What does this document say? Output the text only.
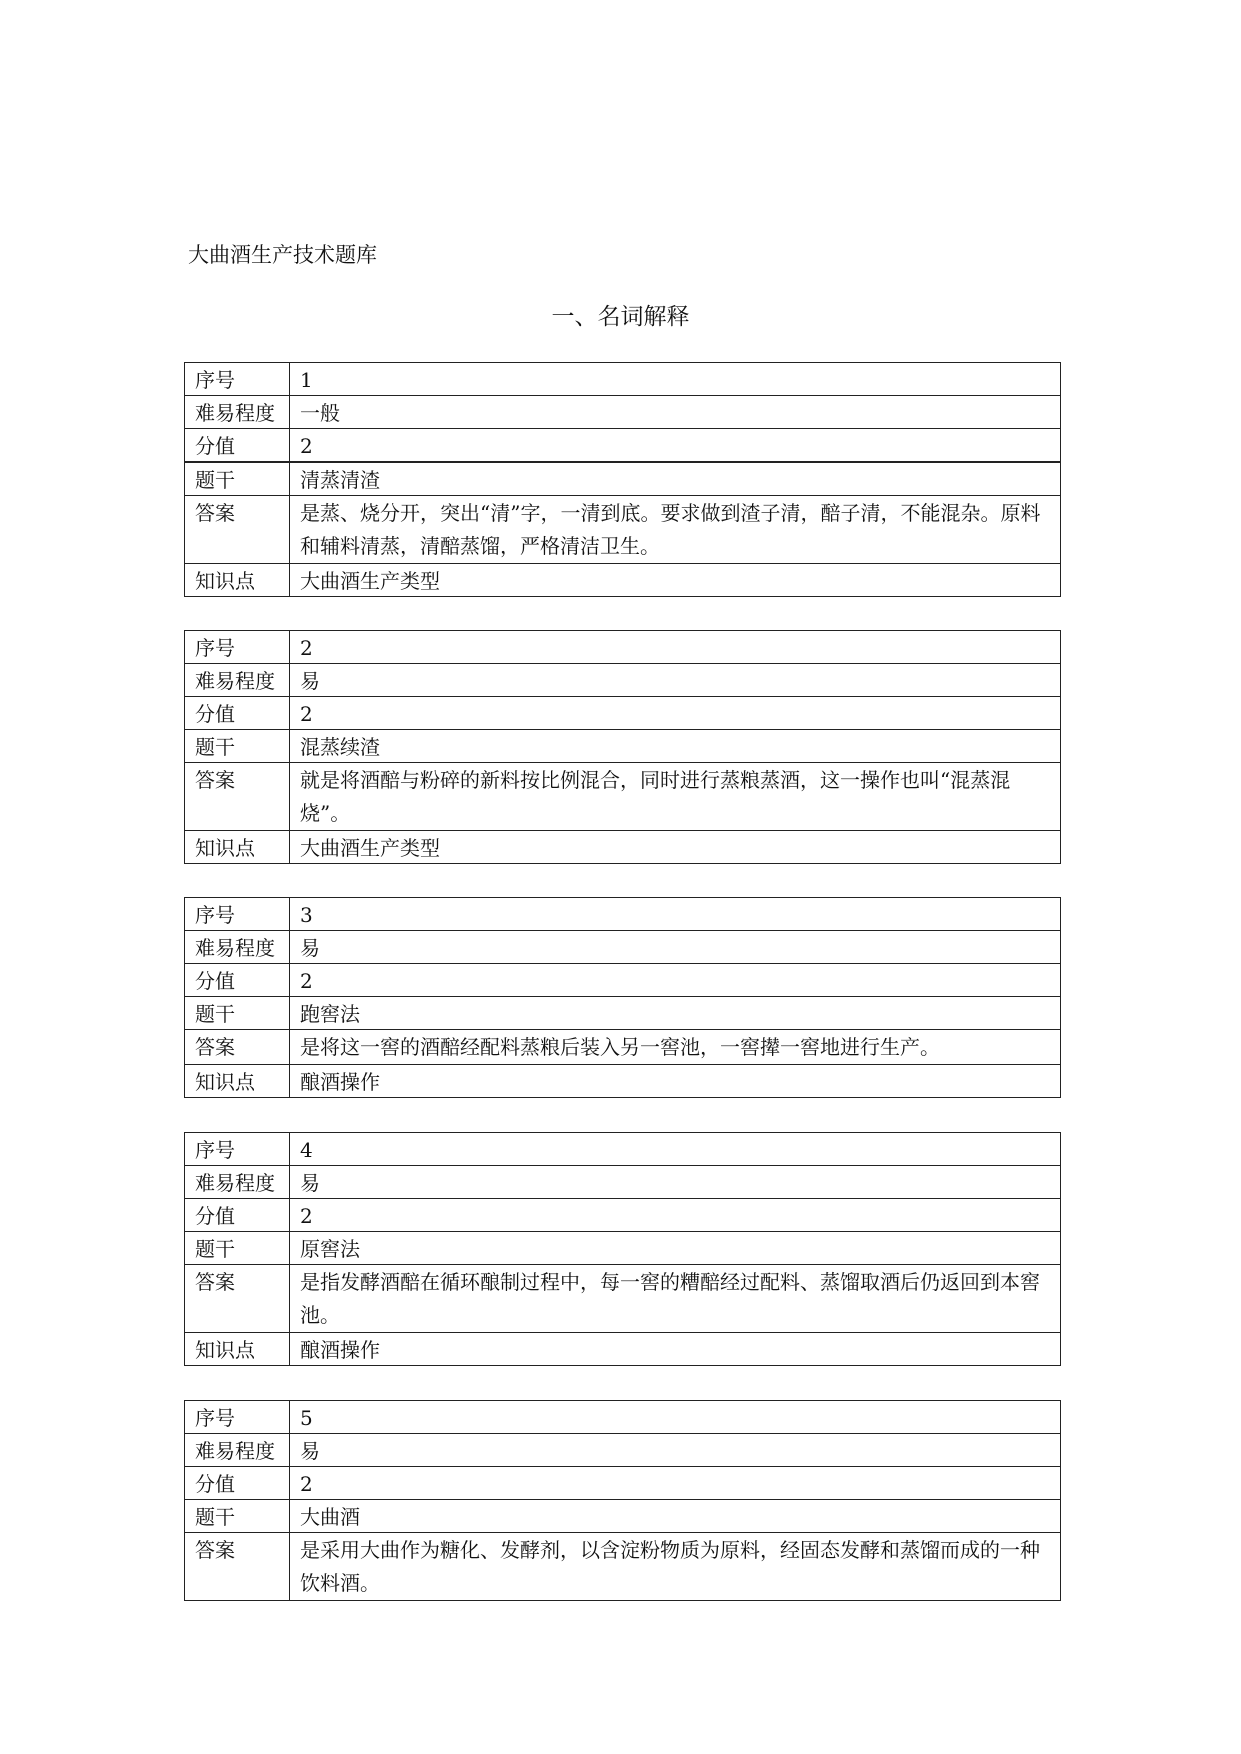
大曲酒生产技术题库
一、名词解释
序号	1
难易程度	一般
分值	2
题干	清蒸清渣
答案	是蒸、烧分开，突出“清”字，一清到底。要求做到渣子清，醅子清，不能混杂。原料和辅料清蒸，清醅蒸馏，严格清洁卫生。
知识点	大曲酒生产类型
序号	2
难易程度	易
分值	2
题干	混蒸续渣
答案	就是将酒醅与粉碎的新料按比例混合，同时进行蒸粮蒸酒，这一操作也叫“混蒸混烧”。
知识点	大曲酒生产类型
序号	3
难易程度	易
分值	2
题干	跑窖法
答案	是将这一窖的酒醅经配料蒸粮后装入另一窖池，一窖撵一窖地进行生产。
知识点	酿酒操作
序号	4
难易程度	易
分值	2
题干	原窖法
答案	是指发酵酒醅在循环酿制过程中，每一窖的糟醅经过配料、蒸馏取酒后仍返回到本窖池。
知识点	酿酒操作
序号	5
难易程度	易
分值	2
题干	大曲酒
答案	是采用大曲作为糖化、发酵剂，以含淀粉物质为原料，经固态发酵和蒸馏而成的一种饮料酒。
